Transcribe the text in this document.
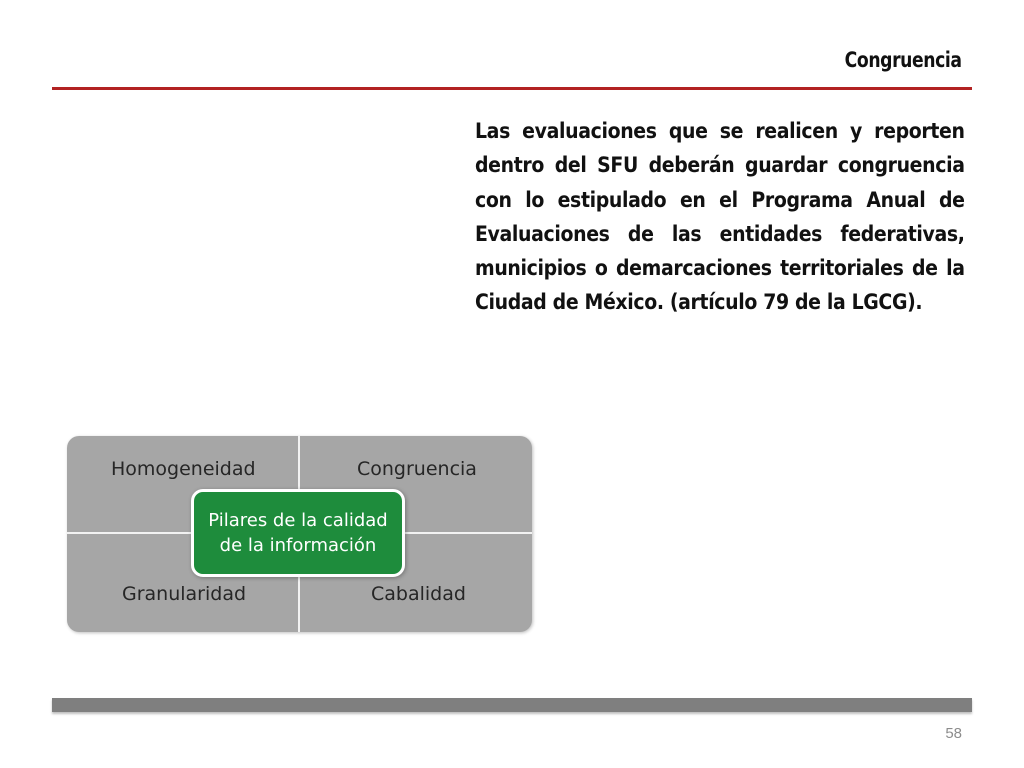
Congruencia

Las evaluaciones que se realicen y reporten dentro del SFU deberán guardar congruencia con lo estipulado en el Programa Anual de Evaluaciones de las entidades federativas, municipios o demarcaciones territoriales de la Ciudad de México. (artículo 79 de la LGCG).

Homogeneidad	Congruencia
Granularidad	Cabalidad
Pilares de la calidad
de la información
58
